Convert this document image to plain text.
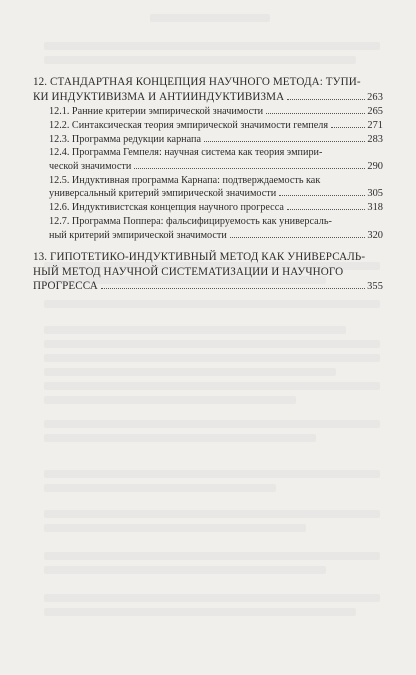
12. СТАНДАРТНАЯ КОНЦЕПЦИЯ НАУЧНОГО МЕТОДА: ТУПИ-
КИ ИНДУКТИВИЗМА И АНТИИНДУКТИВИЗМА	263
12.1. Ранние критерии эмпирической значимости	265
12.2. Синтаксическая теория эмпирической значимости гемпеля	271
12.3. Программа редукции карнапа	283
12.4. Программа Гемпеля: научная система как теория эмпири-
ческой значимости	290
12.5. Индуктивная программа Карнапа: подтверждаемость как
универсальный критерий эмпирической значимости	305
12.6. Индуктивистская концепция научного прогресса	318
12.7. Программа Поппера: фальсифицируемость как универсаль-
ный критерий эмпирической значимости	320
13. ГИПОТЕТИКО-ИНДУКТИВНЫЙ МЕТОД КАК УНИВЕРСАЛЬ-
НЫЙ МЕТОД НАУЧНОЙ СИСТЕМАТИЗАЦИИ И НАУЧНОГО
ПРОГРЕССА	355
